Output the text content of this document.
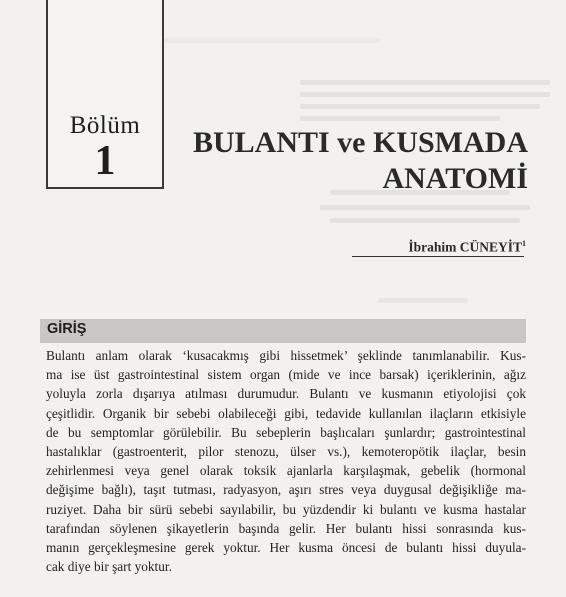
Bölüm
1	BULANTI ve KUSMADA
ANATOMİ
İbrahim CÜNEYİT$^1$
GİRİŞ
Bulantı anlam olarak ‘kusacakmış gibi hissetmek’ şeklinde tanımlanabilir. Kus-
ma ise üst gastrointestinal sistem organ (mide ve ince barsak) içeriklerinin, ağız
yoluyla zorla dışarıya atılması durumudur. Bulantı ve kusmanın etiyolojisi çok
çeşitlidir. Organik bir sebebi olabileceği gibi, tedavide kullanılan ilaçların etkisiyle
de bu semptomlar görülebilir. Bu sebeplerin başlıcaları şunlardır; gastrointestinal
hastalıklar (gastroenterit, pilor stenozu, ülser vs.), kemoteropötik ilaçlar, besin
zehirlenmesi veya genel olarak toksik ajanlarla karşılaşmak, gebelik (hormonal
değişime bağlı), taşıt tutması, radyasyon, aşırı stres veya duygusal değişikliğe ma-
ruziyet. Daha bir sürü sebebi sayılabilir, bu yüzdendir ki bulantı ve kusma hastalar
tarafından söylenen şikayetlerin başında gelir. Her bulantı hissi sonrasında kus-
manın gerçekleşmesine gerek yoktur. Her kusma öncesi de bulantı hissi duyula-
cak diye bir şart yoktur.
